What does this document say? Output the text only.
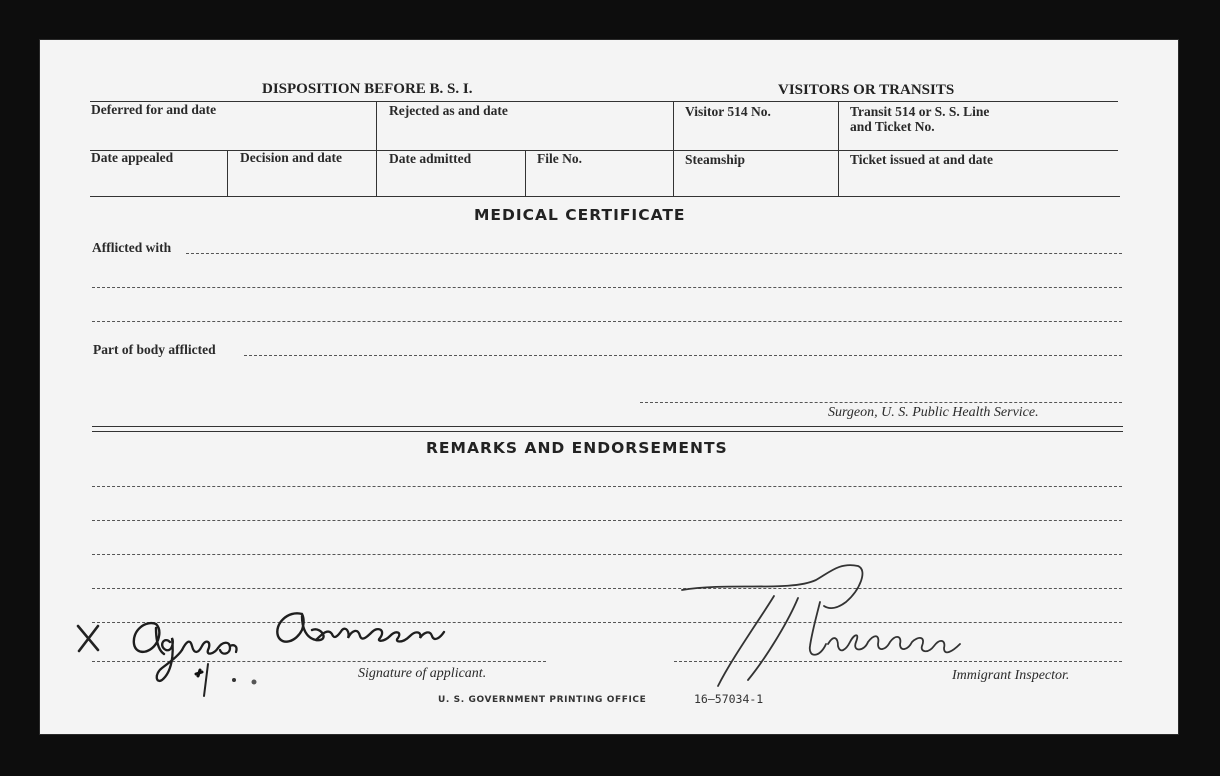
DISPOSITION BEFORE B. S. I.	VISITORS OR TRANSITS
Deferred for and date	Rejected as and date	Visitor 514 No.	Transit 514 or S. S. Line
and Ticket No.
Date appealed	Decision and date	Date admitted	File No.	Steamship	Ticket issued at and date
MEDICAL CERTIFICATE
Afflicted with
Part of body afflicted
Surgeon, U. S. Public Health Service.
REMARKS AND ENDORSEMENTS
Signature of applicant.
U. S. GOVERNMENT PRINTING OFFICE	16—57034-1
Immigrant Inspector.
